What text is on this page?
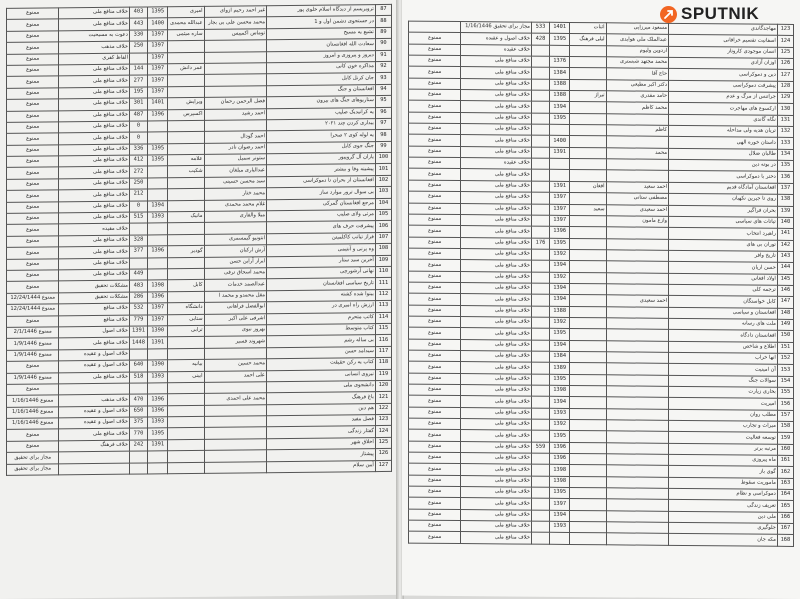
87	ترویریسم از دیدگاه اسلام خلوی پور	غیر احمد رحیم ازوای	امیری	1395	403	خلاف منافع ملی	ممنوع
88	در جستجوی دشمن اول و 1	محمد محسن علی بی بجار	عبدالله محمدی	1400	443	خلاف منافع ملی	ممنوع
89	تشیع یه مسیح	توماس اکمپیس	ساره میثمی	1397	330	دعوت به مسیحیت	ممنوع
90	سعادت الله افغانستان			1397	250	خلاف مذهب	ممنوع
91	دیروز و پیروزی و امروز			1397		الفاظ کفری	ممنوع
92	مذاکره خون کانی		عمر دانش	1397	144	خلاف منافع ملی	ممنوع
93	جان کرنل کابل			1397	277	خلاف منافع ملی	ممنوع
94	افغانستان و جنگ			1397	195	خلاف منافع ملی	ممنوع
95	سناریوهای جنگ های بیرون	فضل الرحمن رحمان	ویرایش	1401	301	خلاف منافع ملی	ممنوع
96	یه کرانیدیک صلیب	احمد رشید	اکسپرس	1396	487	خلاف منافع ملی	ممنوع
97	بیداری کردن چند ۲۰۲۱				0	خلاف منافع ملی	ممنوع
98	یه لوله کوی ۲ صحرا	احمد گودال			0	خلاف منافع ملی	ممنوع
99	جنگ جوی کابل	احمد رضوان نادر		1395	336	خلاف منافع ملی	ممنوع
100	یاران آل گروپیور	ستونر سمیل	علامه	1395	412	خلاف منافع ملی	ممنوع
101	پیشینه وفا و بیشتر	عبدالباری مبلغان	شکیب		272	خلاف منافع ملی	ممنوع
102	افغانستان از بحران تا دموکراسی	سید محسن حسینی			250	خلاف منافع ملی	ممنوع
103	بی سوال ترور موارد ساز	محمد ختار			212	خلاف منافع ملی	ممنوع
104	مرجع افغانستان گمرکی	غلام محمد محمدی		1394	0	خلاف منافع ملی	ممنوع
105	مرتی ولای صلیب	میلا والفاری	مانیک	1393	515	خلاف منافع ملی	ممنوع
106	پیشرفت حرف های					خلاف مقیده	ممنوع
107	فراز تیاتب کاکلمیتن	انتونیو گیمسمری			328	خلاف منافع ملی	ممنوع
108	وه پرنی و آنتیمی	آرش ارکبان	گودیر	1396	377	خلاف منافع ملی	ممنوع
109	آخرین سید ستار	ایراز آراین حسن				خلاف منافع ملی	ممنوع
110	نهانی آرشورچی	محمد اسحاق ترفی			449	خلاف منافع ملی	ممنوع
111	تاریخ سیاسی افغانستان	عبدالصمد خدمات	کابل	1398	483	مشکلات تحقیق	ممنوع
112	بینوا شده کشته	مقل محمدو و محمد ا		1396	286	مشکلات تحقیق	ممنوع 12/24/1444
113	ارزش راه امیری در	ابوالفضل فراهانی	دانشگاه	1397	532	خلاف منافع	ممنوع 12/24/1444
114	کاتب متحرم	اشرفی علی اکبر	ستابی	1397	779	خلاف منافع	ممنوع
115	کتاب متوسط	بهروز نبوی	ترابی	1390	1391	خلاف اصول	ممنوع 2/1/1446
116	بی ساله رشم	شهروند فسیر		1391	1448	خلاف منافع ملی	ممنوع 1/9/1446
117	سیدامد حسن					خلاف اصول و عقیده	ممنوع 1/9/1446
118	کتاب یه رکن حقیقت	محمد حسین	بیانیه	1390	640	خلاف اصول و عقیده	ممنوع
119	نیروی انسانی	علی احمد	ابینی	1393	518	خلاف منافع ملی	ممنوع 1/9/1446
120	دانشجوی ملی						ممنوع
121	باغ فرهنگ	محمد علی احمدی		1396	470	خلاف مذهب	ممنوع 1/16/1446
122	هم دین			1396	650	خلاف اصول و عقیده	ممنوع 1/16/1446
123	فصل مفید			1393	375	خلاف اصول و عقیده	ممنوع 1/16/1446
124	گفتار زندگی			1395	770	خلاف منافع ملی	ممنوع
125	اخلاق شهر			1391	242	خلاف فرهنگ	ممنوع
126	پیشتاز						مجاز برای تحقیق
127	آیین سلام						مجاز برای تحقیق
123	مهاجدگاندی	مسعود میرزایی	اثنات	1401	533	مجاز برای تحقیق 1/16/1446	
124	اسفانیت تقسیم خراقانی	عبدالملک ملی هوایدی	لیلی فرهنگ	1395	428	خلاف اصول و عقیده	ممنوع
125	انسان موجودی کاروتاز	اردوین ولیوم				خلاف عقیده	ممنوع
126	اوزان آزادی	محمد مجتهد شبستری		1376		خلاف منافع ملی	ممنوع
127	دین و دموکراسی	حاج آقا		1384		خلاف منافع ملی	ممنوع
128	پیشرفت دموکراسی	دکتر اکبر مطیعی		1388		خلاف منافع ملی	ممنوع
129	جراتنس از مرگ و عدم	حامد مقدری	تیراژ	1388		خلاف منافع ملی	ممنوع
130	ارکسوع های مهاجرت	محمد کاظم		1394		خلاف منافع ملی	ممنوع
131	نگاه گاندی			1395		خلاف منافع ملی	ممنوع
132	تریان هدیه ولی مداحله	کاظم				خلاف منافع ملی	ممنوع
133	داستان خوره الهی			1400		خلاف منافع ملی	ممنوع
134	طالبان ضلال	محمد		1391		خلاف منافع ملی	ممنوع
135	در بوته دین					خلاف عقیده	ممنوع
136	دختر با دموکراسی					خلاف منافع ملی	ممنوع
137	افغانستان آمادگاه قدیم	احمد سعید	افغان	1391		خلاف منافع ملی	ممنوع
138	روی تا جیرین نکهبان	مصطفی ستانی		1397		خلاف منافع ملی	ممنوع
139	بحران فراگیر	احمد سعیدی	سعید	1397		خلاف منافع ملی	ممنوع
140	تیاتات های سیاسی	وازع مامون		1397		خلاف منافع ملی	ممنوع
141	راهبرد انتخاب			1396		خلاف منافع ملی	ممنوع
142	توران بی های			1395	176	خلاف منافع ملی	ممنوع
143	تاریخ وافر			1392		خلاف منافع ملی	ممنوع
144	حسن اریان			1394		خلاف منافع ملی	ممنوع
145	اولاد افغانی			1392		خلاف منافع ملی	ممنوع
146	ترجمه کلی			1394		خلاف منافع ملی	ممنوع
147	کابل خواستگان	احمد سعیدی		1394		خلاف منافع ملی	ممنوع
148	افغانستان و سیاسی			1388		خلاف منافع ملی	ممنوع
149	ملت های رسانه			1392		خلاف منافع ملی	ممنوع
150	افغانستان دادگاه			1395		خلاف منافع ملی	ممنوع
151	اطلاع و شاخص			1394		خلاف منافع ملی	ممنوع
152	انها خراب			1384		خلاف منافع ملی	ممنوع
153	آن امینیت			1389		خلاف منافع ملی	ممنوع
154	سوالات جنگ			1395		خلاف منافع ملی	ممنوع
155	بخاری زیارت			1398		خلاف منافع ملی	ممنوع
156	امیریت			1394		خلاف منافع ملی	ممنوع
157	مطلب روان			1393		خلاف منافع ملی	ممنوع
158	میراث و تجارب			1392		خلاف منافع ملی	ممنوع
159	توسعه فعالیت			1395		خلاف منافع ملی	ممنوع
160	مرتبه برتر			1396	559	خلاف منافع ملی	ممنوع
161	ماه پیروزی			1396		خلاف منافع ملی	ممنوع
162	گوی باز			1398		خلاف منافع ملی	ممنوع
163	ماموریت سقوط			1398		خلاف منافع ملی	ممنوع
164	دموکراسی و نظام			1395		خلاف منافع ملی	ممنوع
165	تعریف زندگی			1397		خلاف منافع ملی	ممنوع
166	ملی دین			1394		خلاف منافع ملی	ممنوع
167	جلوگیری			1393		خلاف منافع ملی	ممنوع
168	مکه جان					خلاف منافع ملی	ممنوع
SPUTNIK
